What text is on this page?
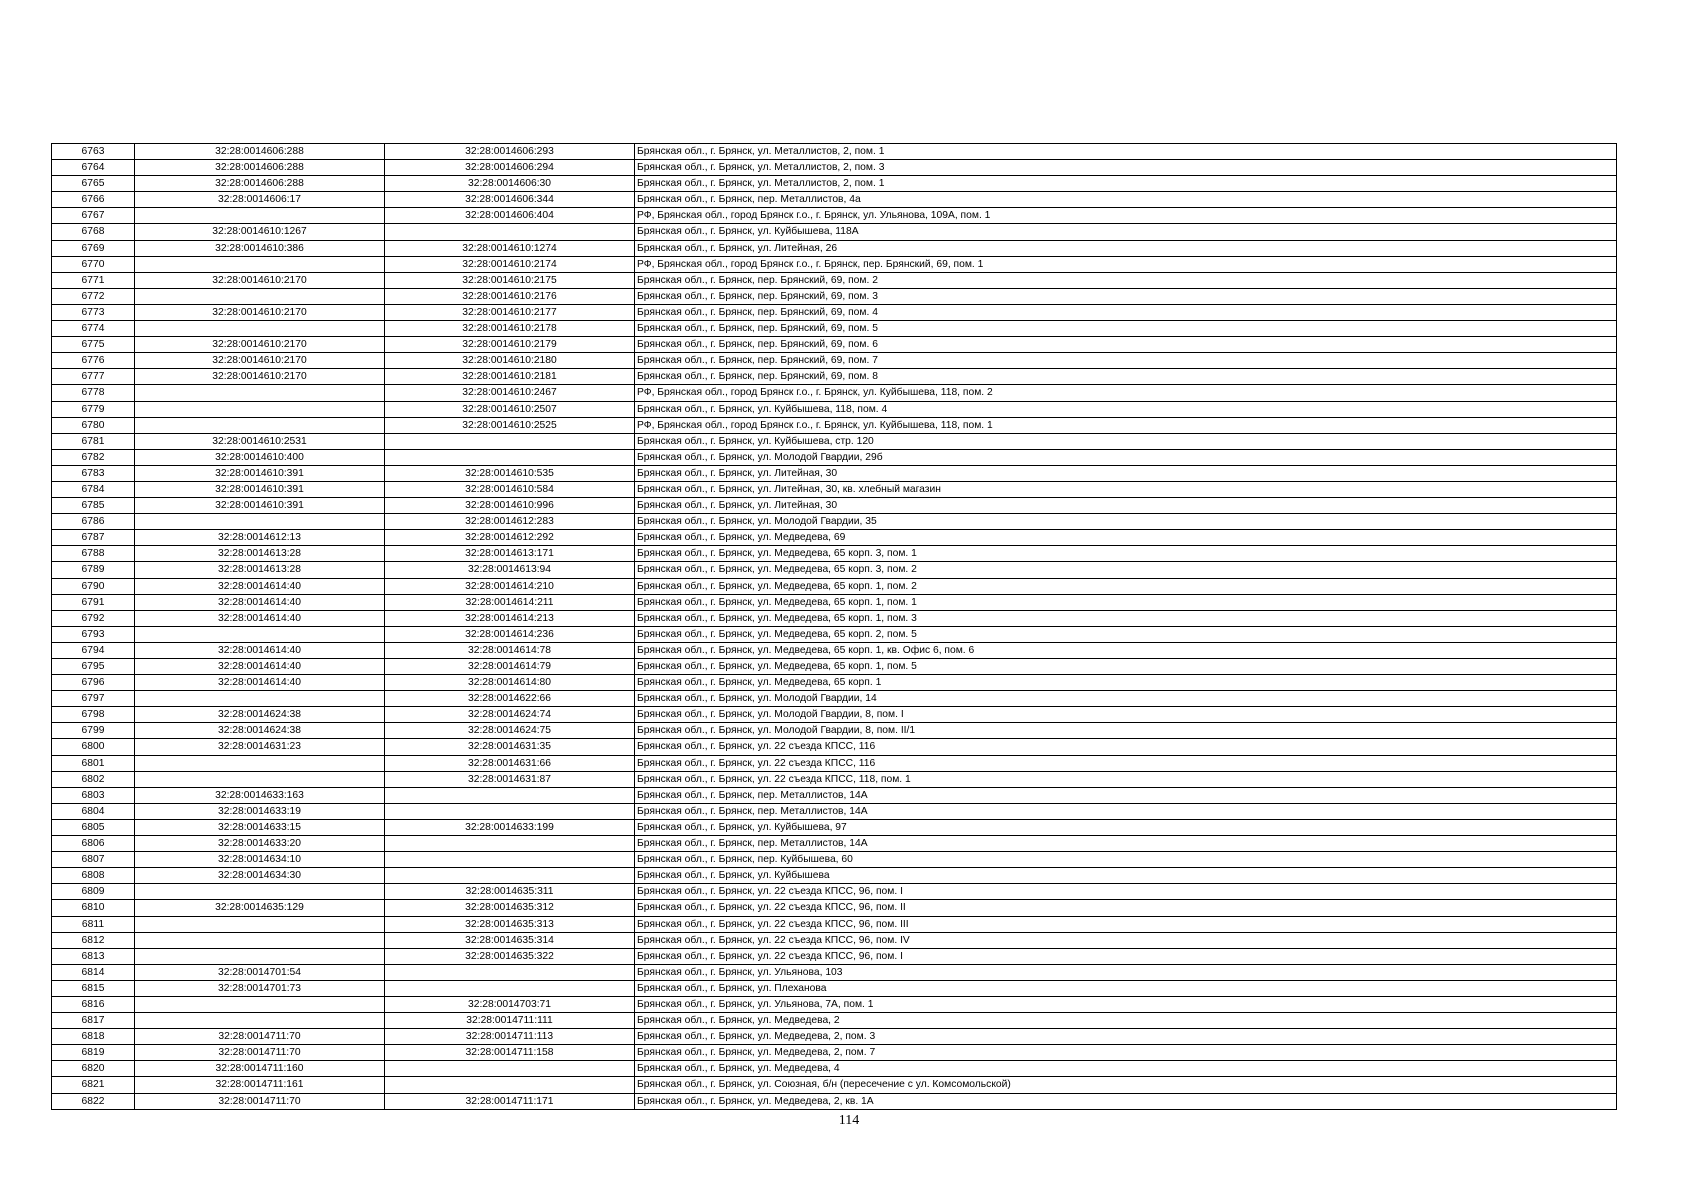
6763	32:28:0014606:288	32:28:0014606:293	Брянская обл., г. Брянск, ул. Металлистов, 2, пом. 1
6764	32:28:0014606:288	32:28:0014606:294	Брянская обл., г. Брянск, ул. Металлистов, 2, пом. 3
6765	32:28:0014606:288	32:28:0014606:30	Брянская обл., г. Брянск, ул. Металлистов, 2, пом. 1
6766	32:28:0014606:17	32:28:0014606:344	Брянская обл., г. Брянск, пер. Металлистов, 4а
6767		32:28:0014606:404	РФ, Брянская обл., город Брянск г.о., г. Брянск, ул. Ульянова, 109А, пом. 1
6768	32:28:0014610:1267		Брянская обл., г. Брянск, ул. Куйбышева, 118А
6769	32:28:0014610:386	32:28:0014610:1274	Брянская обл., г. Брянск, ул. Литейная, 26
6770		32:28:0014610:2174	РФ, Брянская обл., город Брянск г.о., г. Брянск, пер. Брянский, 69, пом. 1
6771	32:28:0014610:2170	32:28:0014610:2175	Брянская обл., г. Брянск, пер. Брянский, 69, пом. 2
6772		32:28:0014610:2176	Брянская обл., г. Брянск, пер. Брянский, 69, пом. 3
6773	32:28:0014610:2170	32:28:0014610:2177	Брянская обл., г. Брянск, пер. Брянский, 69, пом. 4
6774		32:28:0014610:2178	Брянская обл., г. Брянск, пер. Брянский, 69, пом. 5
6775	32:28:0014610:2170	32:28:0014610:2179	Брянская обл., г. Брянск, пер. Брянский, 69, пом. 6
6776	32:28:0014610:2170	32:28:0014610:2180	Брянская обл., г. Брянск, пер. Брянский, 69, пом. 7
6777	32:28:0014610:2170	32:28:0014610:2181	Брянская обл., г. Брянск, пер. Брянский, 69, пом. 8
6778		32:28:0014610:2467	РФ, Брянская обл., город Брянск г.о., г. Брянск, ул. Куйбышева, 118, пом. 2
6779		32:28:0014610:2507	Брянская обл., г. Брянск, ул. Куйбышева, 118, пом. 4
6780		32:28:0014610:2525	РФ, Брянская обл., город Брянск г.о., г. Брянск, ул. Куйбышева, 118, пом. 1
6781	32:28:0014610:2531		Брянская обл., г. Брянск, ул. Куйбышева, стр. 120
6782	32:28:0014610:400		Брянская обл., г. Брянск, ул. Молодой Гвардии, 29б
6783	32:28:0014610:391	32:28:0014610:535	Брянская обл., г. Брянск, ул. Литейная, 30
6784	32:28:0014610:391	32:28:0014610:584	Брянская обл., г. Брянск, ул. Литейная, 30, кв. хлебный магазин
6785	32:28:0014610:391	32:28:0014610:996	Брянская обл., г. Брянск, ул. Литейная, 30
6786		32:28:0014612:283	Брянская обл., г. Брянск, ул. Молодой Гвардии, 35
6787	32:28:0014612:13	32:28:0014612:292	Брянская обл., г. Брянск, ул. Медведева, 69
6788	32:28:0014613:28	32:28:0014613:171	Брянская обл., г. Брянск, ул. Медведева, 65 корп. 3, пом. 1
6789	32:28:0014613:28	32:28:0014613:94	Брянская обл., г. Брянск, ул. Медведева, 65 корп. 3, пом. 2
6790	32:28:0014614:40	32:28:0014614:210	Брянская обл., г. Брянск, ул. Медведева, 65 корп. 1, пом. 2
6791	32:28:0014614:40	32:28:0014614:211	Брянская обл., г. Брянск, ул. Медведева, 65 корп. 1, пом. 1
6792	32:28:0014614:40	32:28:0014614:213	Брянская обл., г. Брянск, ул. Медведева, 65 корп. 1, пом. 3
6793		32:28:0014614:236	Брянская обл., г. Брянск, ул. Медведева, 65 корп. 2, пом. 5
6794	32:28:0014614:40	32:28:0014614:78	Брянская обл., г. Брянск, ул. Медведева, 65 корп. 1, кв. Офис 6, пом. 6
6795	32:28:0014614:40	32:28:0014614:79	Брянская обл., г. Брянск, ул. Медведева, 65 корп. 1, пом. 5
6796	32:28:0014614:40	32:28:0014614:80	Брянская обл., г. Брянск, ул. Медведева, 65 корп. 1
6797		32:28:0014622:66	Брянская обл., г. Брянск, ул. Молодой Гвардии, 14
6798	32:28:0014624:38	32:28:0014624:74	Брянская обл., г. Брянск, ул. Молодой Гвардии, 8, пом. I
6799	32:28:0014624:38	32:28:0014624:75	Брянская обл., г. Брянск, ул. Молодой Гвардии, 8, пом. II/1
6800	32:28:0014631:23	32:28:0014631:35	Брянская обл., г. Брянск, ул. 22 съезда КПСС, 116
6801		32:28:0014631:66	Брянская обл., г. Брянск, ул. 22 съезда КПСС, 116
6802		32:28:0014631:87	Брянская обл., г. Брянск, ул. 22 съезда КПСС, 118, пом. 1
6803	32:28:0014633:163		Брянская обл., г. Брянск, пер. Металлистов, 14А
6804	32:28:0014633:19		Брянская обл., г. Брянск, пер. Металлистов, 14А
6805	32:28:0014633:15	32:28:0014633:199	Брянская обл., г. Брянск, ул. Куйбышева, 97
6806	32:28:0014633:20		Брянская обл., г. Брянск, пер. Металлистов, 14А
6807	32:28:0014634:10		Брянская обл., г. Брянск, пер. Куйбышева, 60
6808	32:28:0014634:30		Брянская обл., г. Брянск, ул. Куйбышева
6809		32:28:0014635:311	Брянская обл., г. Брянск, ул. 22 съезда КПСС, 96, пом. I
6810	32:28:0014635:129	32:28:0014635:312	Брянская обл., г. Брянск, ул. 22 съезда КПСС, 96, пом. II
6811		32:28:0014635:313	Брянская обл., г. Брянск, ул. 22 съезда КПСС, 96, пом. III
6812		32:28:0014635:314	Брянская обл., г. Брянск, ул. 22 съезда КПСС, 96, пом. IV
6813		32:28:0014635:322	Брянская обл., г. Брянск, ул. 22 съезда КПСС, 96, пом. I
6814	32:28:0014701:54		Брянская обл., г. Брянск, ул. Ульянова, 103
6815	32:28:0014701:73		Брянская обл., г. Брянск, ул. Плеханова
6816		32:28:0014703:71	Брянская обл., г. Брянск, ул. Ульянова, 7А, пом. 1
6817		32:28:0014711:111	Брянская обл., г. Брянск, ул. Медведева, 2
6818	32:28:0014711:70	32:28:0014711:113	Брянская обл., г. Брянск, ул. Медведева, 2, пом. 3
6819	32:28:0014711:70	32:28:0014711:158	Брянская обл., г. Брянск, ул. Медведева, 2, пом. 7
6820	32:28:0014711:160		Брянская обл., г. Брянск, ул. Медведева, 4
6821	32:28:0014711:161		Брянская обл., г. Брянск, ул. Союзная, б/н (пересечение с ул. Комсомольской)
6822	32:28:0014711:70	32:28:0014711:171	Брянская обл., г. Брянск, ул. Медведева, 2, кв. 1А
114
